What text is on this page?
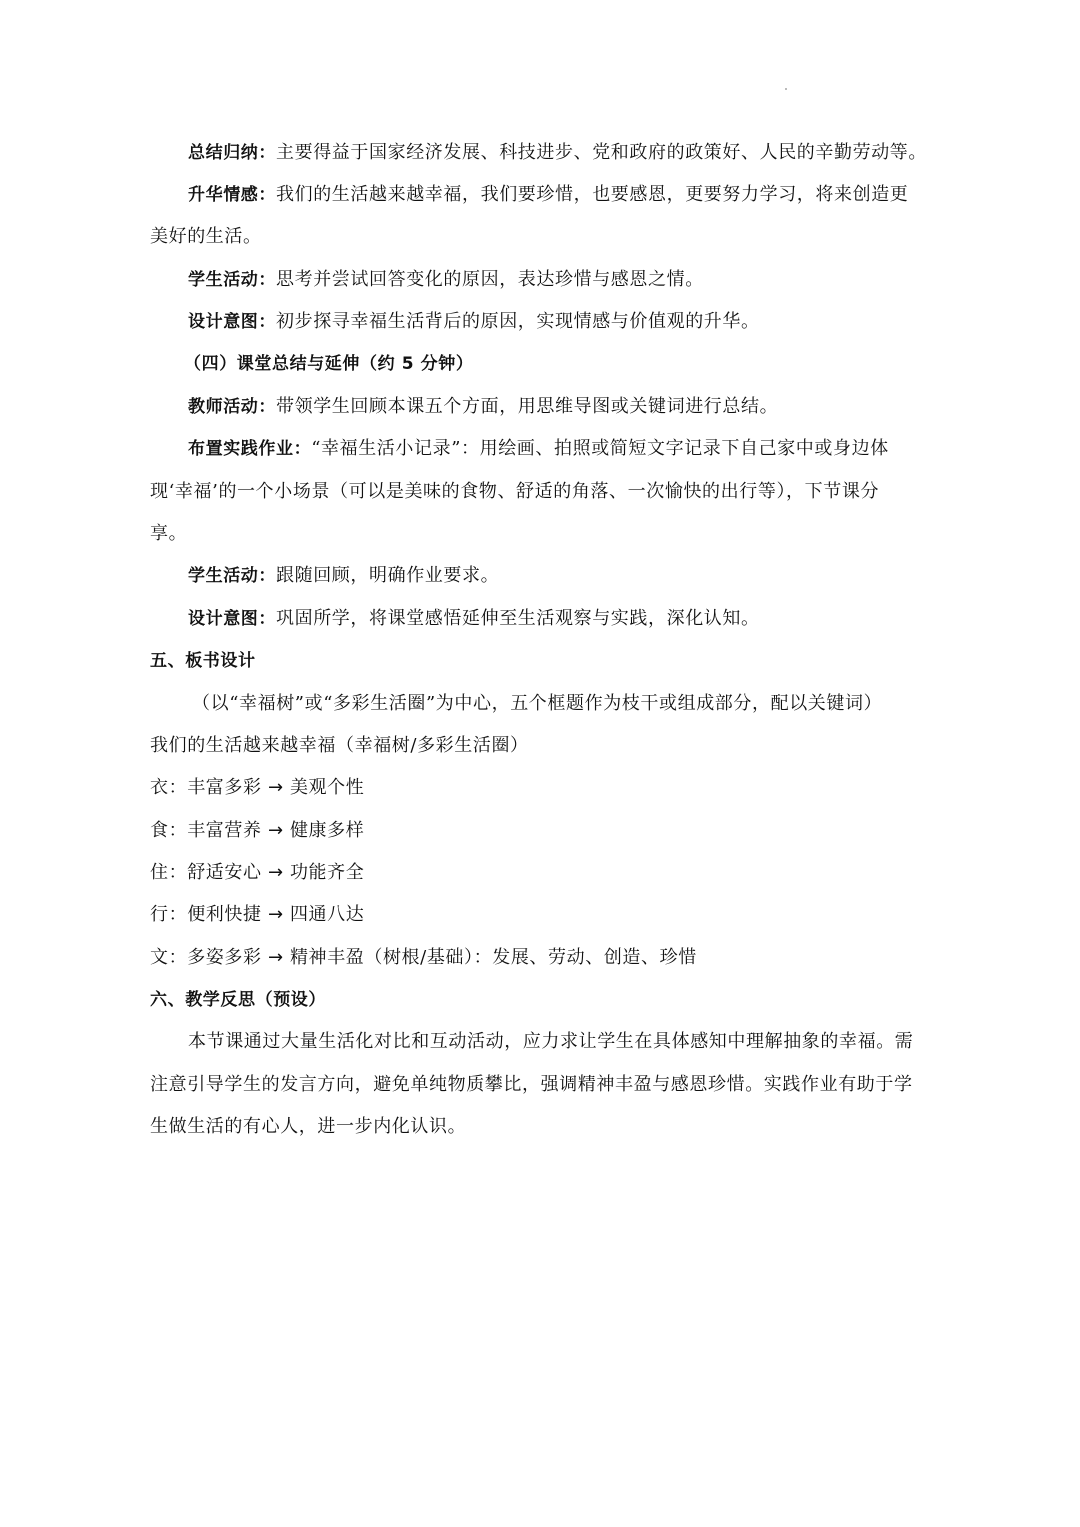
总结归纳：主要得益于国家经济发展、科技进步、党和政府的政策好、人民的辛勤劳动等。
升华情感：我们的生活越来越幸福，我们要珍惜，也要感恩，更要努力学习，将来创造更
美好的生活。
学生活动：思考并尝试回答变化的原因，表达珍惜与感恩之情。
设计意图：初步探寻幸福生活背后的原因，实现情感与价值观的升华。
（四）课堂总结与延伸（约 5 分钟）
教师活动：带领学生回顾本课五个方面，用思维导图或关键词进行总结。
布置实践作业：“幸福生活小记录”：用绘画、拍照或简短文字记录下自己家中或身边体
现‘幸福’的一个小场景（可以是美味的食物、舒适的角落、一次愉快的出行等），下节课分
享。
学生活动：跟随回顾，明确作业要求。
设计意图：巩固所学，将课堂感悟延伸至生活观察与实践，深化认知。
五、板书设计
（以“幸福树”或“多彩生活圈”为中心，五个框题作为枝干或组成部分，配以关键词）
我们的生活越来越幸福（幸福树/多彩生活圈）
衣：丰富多彩 → 美观个性
食：丰富营养 → 健康多样
住：舒适安心 → 功能齐全
行：便利快捷 → 四通八达
文：多姿多彩 → 精神丰盈（树根/基础）：发展、劳动、创造、珍惜
六、教学反思（预设）
本节课通过大量生活化对比和互动活动，应力求让学生在具体感知中理解抽象的幸福。需
注意引导学生的发言方向，避免单纯物质攀比，强调精神丰盈与感恩珍惜。实践作业有助于学
生做生活的有心人，进一步内化认识。
